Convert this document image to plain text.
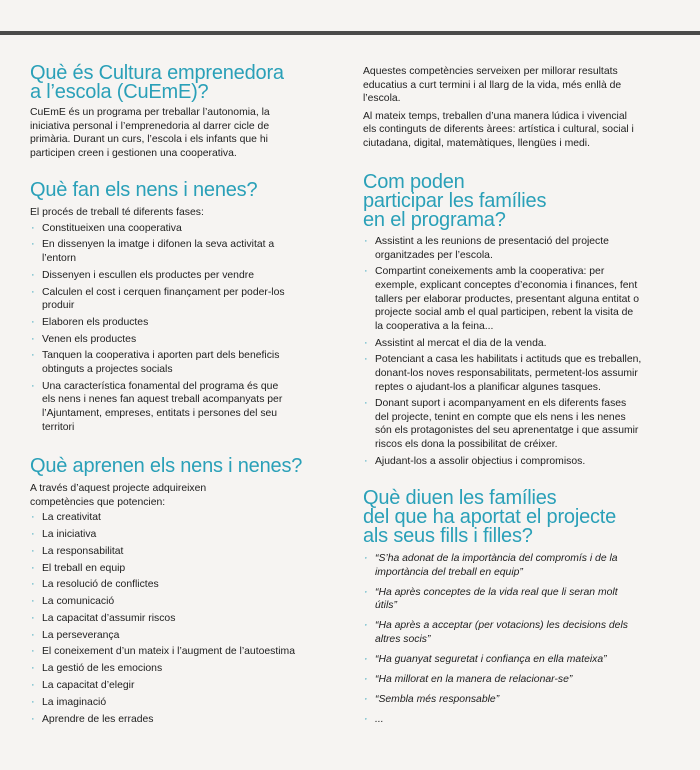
Què és Cultura emprenedora
a l’escola (CuEmE)?

CuEmE és un programa per treballar l’autonomia, la
iniciativa personal i l’emprenedoria al darrer cicle de
primària. Durant un curs, l’escola i els infants que hi
participen creen i gestionen una cooperativa.

Què fan els nens i nenes?

El procés de treball té diferents fases:

· Constitueixen una cooperativa
· En dissenyen la imatge i difonen la seva activitat a
l’entorn
· Dissenyen i escullen els productes per vendre
· Calculen el cost i cerquen finançament per poder-los
produir
· Elaboren els productes
· Venen els productes
· Tanquen la cooperativa i aporten part dels beneficis
obtinguts a projectes socials
· Una característica fonamental del programa és que
els nens i nenes fan aquest treball acompanyats per
l’Ajuntament, empreses, entitats i persones del seu
territori
Què aprenen els nens i nenes?

A través d’aquest projecte adquireixen
competències que potencien:

· La creativitat
· La iniciativa
· La responsabilitat
· El treball en equip
· La resolució de conflictes
· La comunicació
· La capacitat d’assumir riscos
· La perseverança
· El coneixement d’un mateix i l’augment de l’autoestima
· La gestió de les emocions
· La capacitat d’elegir
· La imaginació
· Aprendre de les errades

Aquestes competències serveixen per millorar resultats
educatius a curt termini i al llarg de la vida, més enllà de
l’escola.

Al mateix temps, treballen d’una manera lúdica i vivencial
els continguts de diferents àrees: artística i cultural, social i
ciutadana, digital, matemàtiques, llengües i medi.

Com poden
participar les famílies
en el programa?
· Assistint a les reunions de presentació del projecte
organitzades per l’escola.
· Compartint coneixements amb la cooperativa: per
exemple, explicant conceptes d’economia i finances, fent
tallers per elaborar productes, presentant alguna entitat o
projecte social amb el qual participen, rebent la visita de
la cooperativa a la feina...
· Assistint al mercat el dia de la venda.
· Potenciant a casa les habilitats i actituds que es treballen,
donant-los noves responsabilitats, permetent-los assumir
reptes o ajudant-los a planificar algunes tasques.
· Donant suport i acompanyament en els diferents fases
del projecte, tenint en compte que els nens i les nenes
són els protagonistes del seu aprenentatge i que assumir
riscos els dona la possibilitat de créixer.
· Ajudant-los a assolir objectius i compromisos.
Què diuen les famílies
del que ha aportat el projecte
als seus fills i filles?
· “S’ha adonat de la importància del compromís i de la
importància del treball en equip”
· “Ha après conceptes de la vida real que li seran molt
útils”
· “Ha après a acceptar (per votacions) les decisions dels
altres socis”
· “Ha guanyat seguretat i confiança en ella mateixa”
· “Ha millorat en la manera de relacionar-se”
· “Sembla més responsable”
· ...
